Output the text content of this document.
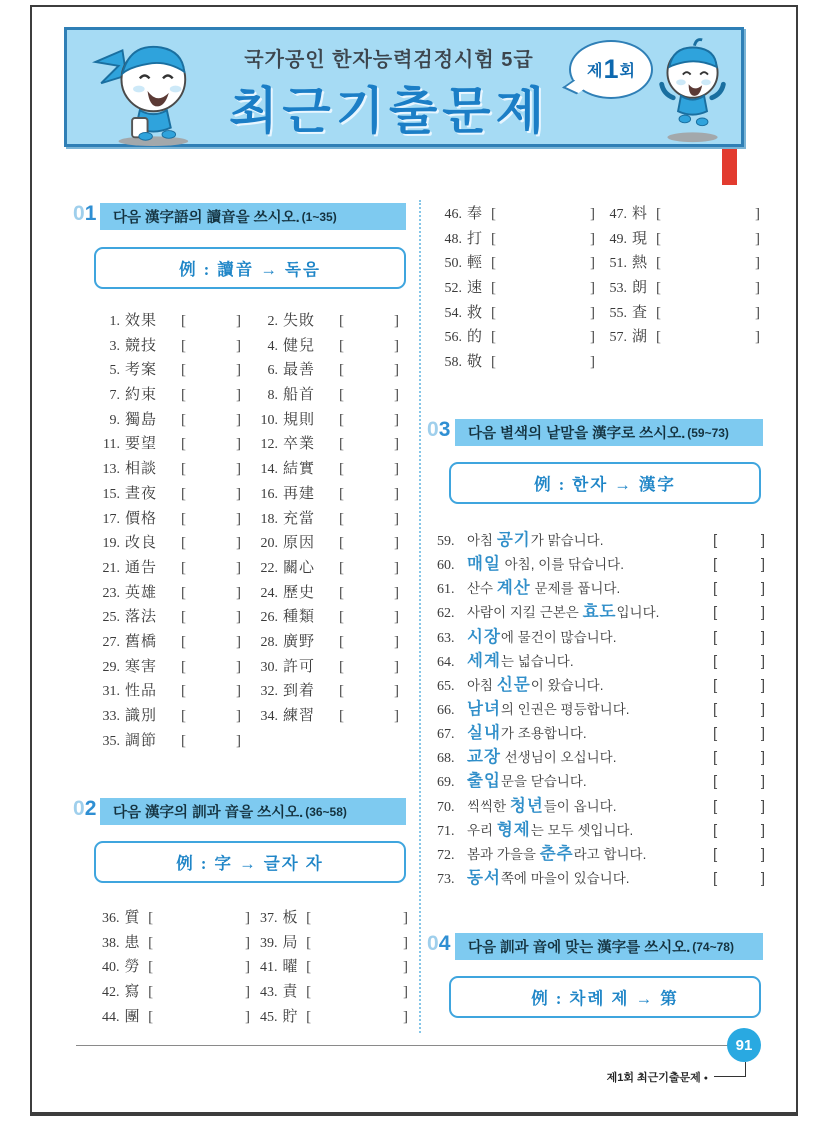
국가공인 한자능력검정시험 5급
최근기출문제
제 1 회
01 다음 漢字語의 讀音을 쓰시오. (1~35)
例 : 讀音 → 독음
1. 效果	[	]	2. 失敗	[	]
3. 競技	[	]	4. 健兒	[	]
5. 考案	[	]	6. 最善	[	]
7. 約束	[	]	8. 船首	[	]
9. 獨島	[	]	10. 規則	[	]
11. 要望	[	]	12. 卒業	[	]
13. 相談	[	]	14. 結實	[	]
15. 晝夜	[	]	16. 再建	[	]
17. 價格	[	]	18. 充當	[	]
19. 改良	[	]	20. 原因	[	]
21. 通告	[	]	22. 關心	[	]
23. 英雄	[	]	24. 歷史	[	]
25. 落法	[	]	26. 種類	[	]
27. 舊橋	[	]	28. 廣野	[	]
29. 寒害	[	]	30. 許可	[	]
31. 性品	[	]	32. 到着	[	]
33. 識別	[	]	34. 練習	[	]
35. 調節	[	]
02 다음 漢字의 訓과 音을 쓰시오. (36~58)
例 : 字 → 글자 자
36. 質 [	] 37. 板 [	]
38. 患 [	] 39. 局 [	]
40. 勞 [	] 41. 曜 [	]
42. 寫 [	] 43. 責 [	]
44. 團 [	] 45. 貯 [	]
46. 奉 [	]	47. 料 [	]
48. 打 [	]	49. 現 [	]
50. 輕 [	]	51. 熱 [	]
52. 速 [	]	53. 朗 [	]
54. 救 [	]	55. 査 [	]
56. 的 [	]	57. 湖 [	]
58. 敬 [	]
03 다음 별색의 낱말을 漢字로 쓰시오. (59~73)
例 : 한자 → 漢字
59. 아침 공기가 맑습니다.	[	]
60. 매일 아침, 이를 닦습니다.	[	]
61. 산수 계산 문제를 풉니다.	[	]
62. 사람이 지킬 근본은 효도입니다.	[	]
63. 시장에 물건이 많습니다.	[	]
64. 세계는 넓습니다.	[	]
65. 아침 신문이 왔습니다.	[	]
66. 남녀의 인권은 평등합니다.	[	]
67. 실내가 조용합니다.	[	]
68. 교장 선생님이 오십니다.	[	]
69. 출입문을 닫습니다.	[	]
70. 씩씩한 청년들이 옵니다.	[	]
71. 우리 형제는 모두 셋입니다.	[	]
72. 봄과 가을을 춘추라고 합니다.	[	]
73. 동서쪽에 마을이 있습니다.	[	]
04 다음 訓과 音에 맞는 漢字를 쓰시오. (74~78)
例 : 차례 제 → 第
91
제1회 최근기출문제 ●
